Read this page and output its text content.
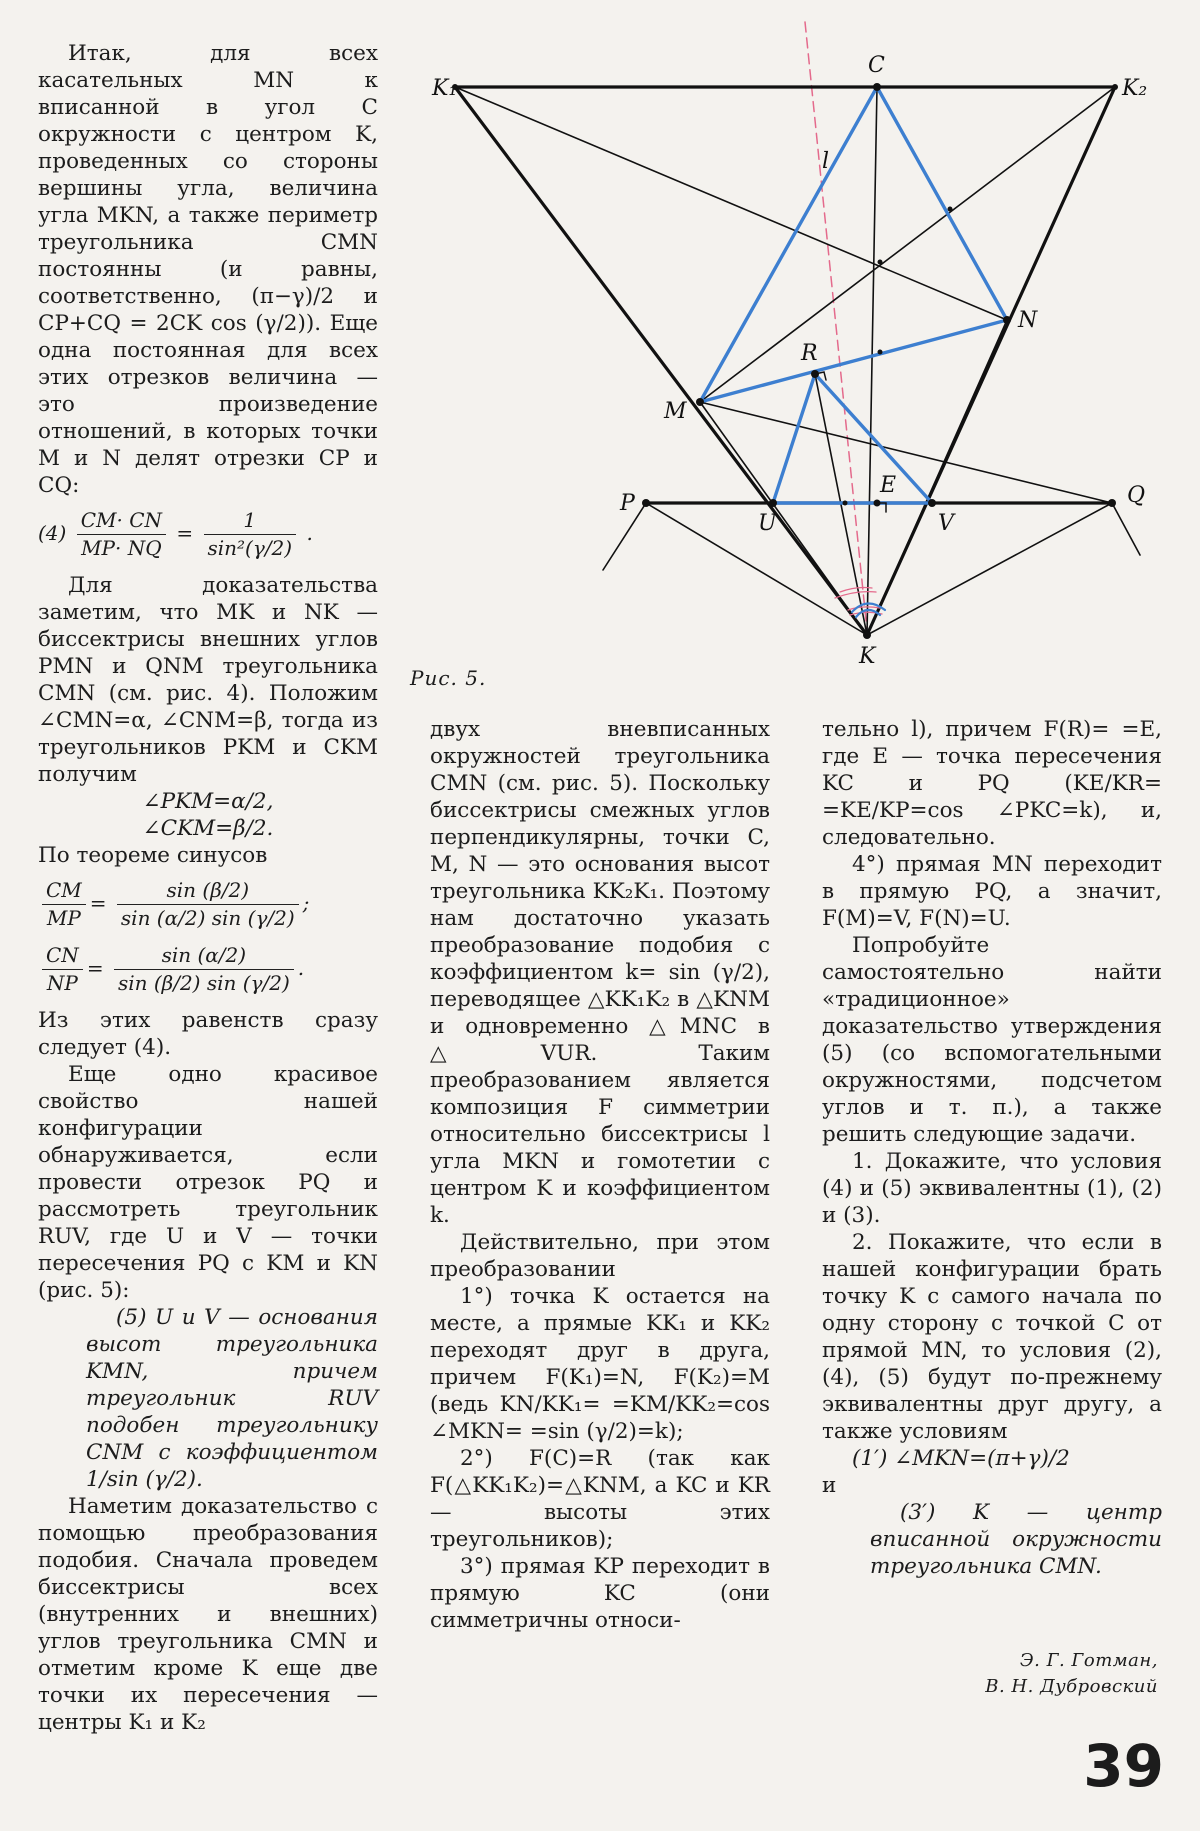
Итак, для всех касательных MN к вписанной в угол C окружности с центром K, проведенных со стороны вершины угла, величина угла MKN, а также периметр треугольника CMN постоянны (и равны, соответственно, (π−γ)/2 и CP+CQ = 2CK cos (γ/2)). Еще одна постоянная для всех этих отрезков величина — это произведение отношений, в которых точки M и N делят отрезки CP и CQ:

$(4) \frac{CM\cdot CN}{MP\cdot NQ} = \frac{1}{\text{sin²(γ/2)}}$ .

Для доказательства заметим, что MK и NK — биссектрисы внешних углов PMN и QNM треугольника CMN (см. рис. 4). Положим ∠CMN=α, ∠CNM=β, тогда из треугольников PKM и CKM получим

∠PKM=α/2,

∠CKM=β/2.

По теореме синусов

$\frac{CM}{MP} = \frac{\sin (\beta/2)}{\sin (\alpha/2) \sin (\gamma/2)}$ ;
$\frac{CN}{NP} = \frac{\sin (\alpha/2)}{\sin (\beta/2) \sin (\gamma/2)}$ .

Из этих равенств сразу следует (4).

Еще одно красивое свойство нашей конфигурации обнаруживается, если провести отрезок PQ и рассмотреть треугольник RUV, где U и V — точки пересечения PQ с KM и KN (рис. 5):

(5) U и V — основания высот треугольника KMN, причем треугольник RUV подобен треугольнику CNM с коэффициентом 1/sin (γ/2).

Наметим доказательство с помощью преобразования подобия. Сначала проведем биссектрисы всех (внутренних и внешних) углов треугольника CMN и отметим кроме K еще две точки их пересечения — центры K₁ и K₂

K₁	K₂
C
l
N
R
M
E
P	Q
U	V
K
Рис. 5.

двух вневписанных окружностей треугольника CMN (см. рис. 5). Поскольку биссектрисы смежных углов перпендикулярны, точки C, M, N — это основания высот треугольника KK₂K₁. Поэтому нам достаточно указать преобразование подобия с коэффициентом k= sin (γ/2), переводящее △KK₁K₂ в △KNM и одновременно △MNC в △VUR. Таким преобразованием является композиция F симметрии относительно биссектрисы l угла MKN и гомотетии с центром K и коэффициентом k.

Действительно, при этом преобразовании

1°) точка K остается на месте, а прямые KK₁ и KK₂ переходят друг в друга, причем F(K₁)=N, F(K₂)=M (ведь KN/KK₁= =KM/KK₂=cos ∠MKN= =sin (γ/2)=k);

2°) F(C)=R (так как F(△KK₁K₂)=△KNM, а KC и KR — высоты этих треугольников);

3°) прямая KP переходит в прямую KC (они симметричны относи-

тельно l), причем F(R)= =E, где E — точка пересечения KC и PQ (KE/KR= =KE/KP=cos ∠PKC=k), и, следовательно.

4°) прямая MN переходит в прямую PQ, а значит, F(M)=V, F(N)=U.

Попробуйте самостоятельно найти «традиционное» доказательство утверждения (5) (со вспомогательными окружностями, подсчетом углов и т. п.), а также решить следующие задачи.

1. Докажите, что условия (4) и (5) эквивалентны (1), (2) и (3).

2. Покажите, что если в нашей конфигурации брать точку K с самого начала по одну сторону с точкой C от прямой MN, то условия (2), (4), (5) будут по-прежнему эквивалентны друг другу, а также условиям

(1′) ∠MKN=(π+γ)/2

и

(3′) K — центр вписанной окружности треугольника CMN.

Э. Г. Готман,
В. Н. Дубровский
39
